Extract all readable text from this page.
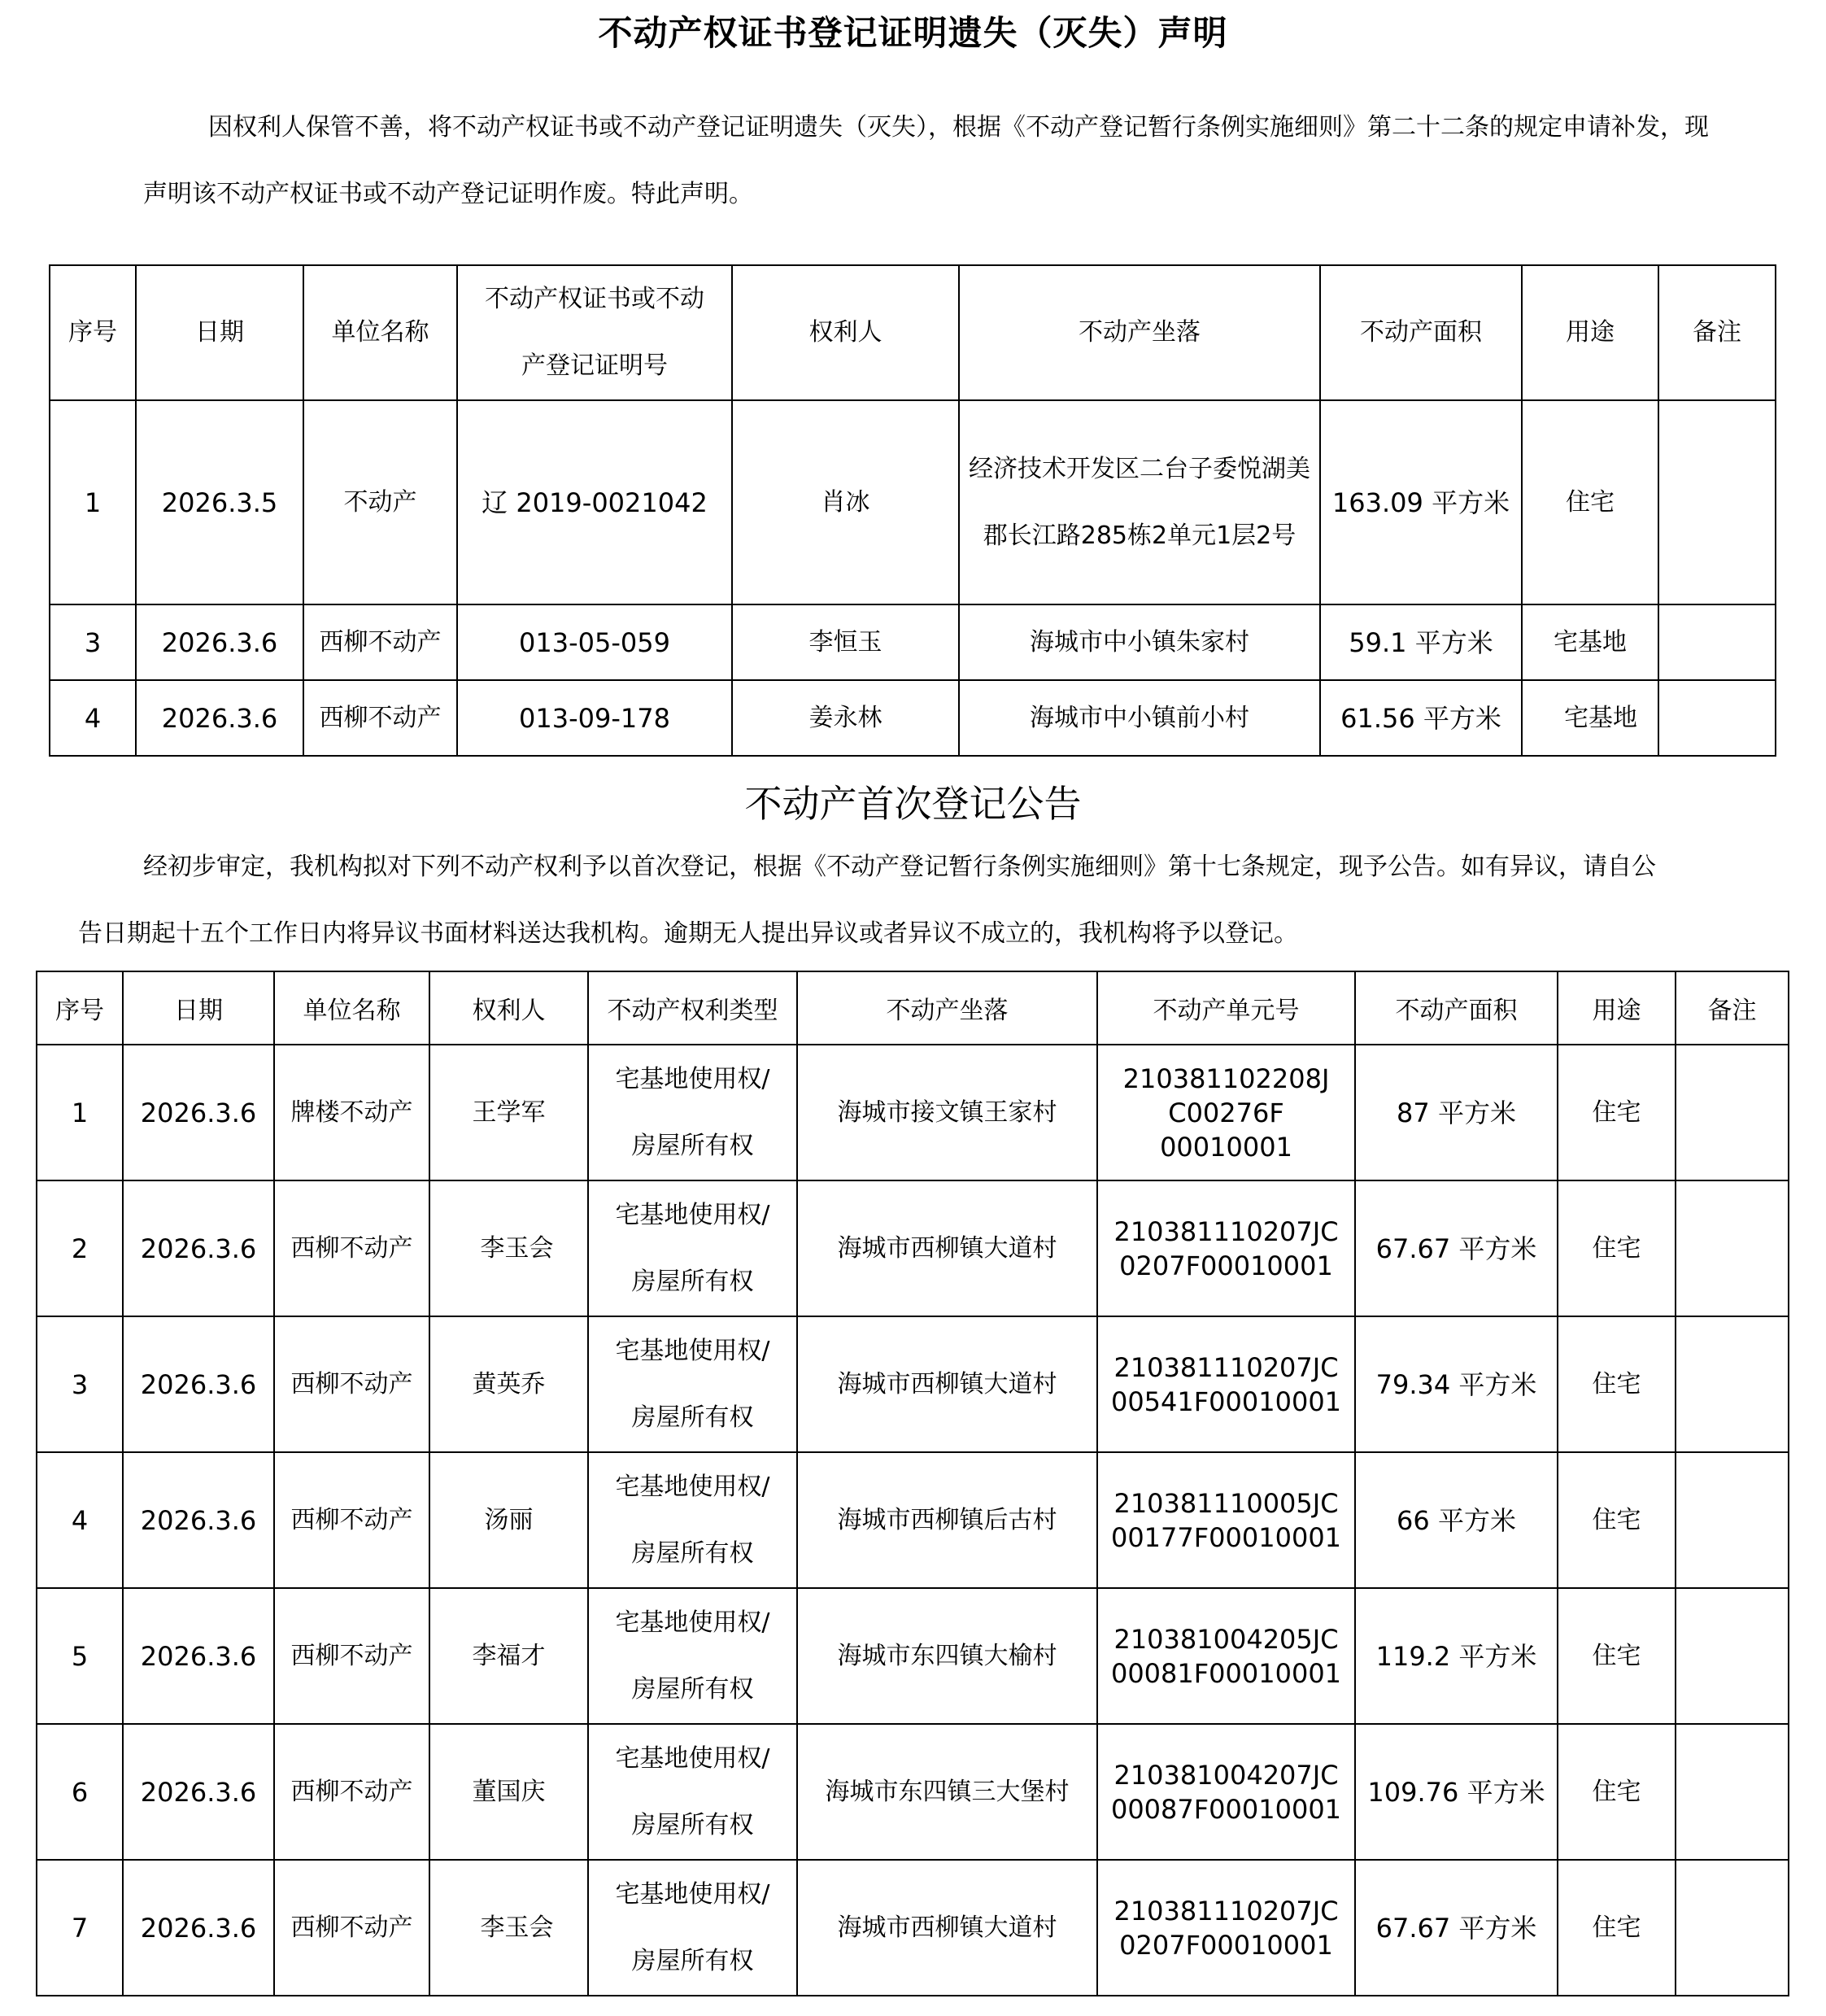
不动产权证书登记证明遗失（灭失）声明
因权利人保管不善，将不动产权证书或不动产登记证明遗失（灭失），根据《不动产登记暂行条例实施细则》第二十二条的规定申请补发，现
声明该不动产权证书或不动产登记证明作废。特此声明。
序号	日期	单位名称	不动产权证书或不动产登记证明号	权利人	不动产坐落	不动产面积	用途	备注
1	2026.3.5	不动产	辽 2019-0021042	肖冰	经济技术开发区二台子委悦湖美郡长江路285栋2单元1层2号	163.09 平方米	住宅	
3	2026.3.6	西柳不动产	013-05-059	李恒玉	海城市中小镇朱家村	59.1 平方米	宅基地	
4	2026.3.6	西柳不动产	013-09-178	姜永林	海城市中小镇前小村	61.56 平方米	宅基地	
不动产首次登记公告
经初步审定，我机构拟对下列不动产权利予以首次登记，根据《不动产登记暂行条例实施细则》第十七条规定，现予公告。如有异议，请自公
告日期起十五个工作日内将异议书面材料送达我机构。逾期无人提出异议或者异议不成立的，我机构将予以登记。
序号	日期	单位名称	权利人	不动产权利类型	不动产坐落	不动产单元号	不动产面积	用途	备注
1	2026.3.6	牌楼不动产	王学军	宅基地使用权/
房屋所有权	海城市接文镇王家村	210381102208J
C00276F
00010001	87 平方米	住宅	
2	2026.3.6	西柳不动产	李玉会	宅基地使用权/
房屋所有权	海城市西柳镇大道村	210381110207JC
0207F00010001	67.67 平方米	住宅	
3	2026.3.6	西柳不动产	黄英乔	宅基地使用权/
房屋所有权	海城市西柳镇大道村	210381110207JC
00541F00010001	79.34 平方米	住宅	
4	2026.3.6	西柳不动产	汤丽	宅基地使用权/
房屋所有权	海城市西柳镇后古村	210381110005JC
00177F00010001	66 平方米	住宅	
5	2026.3.6	西柳不动产	李福才	宅基地使用权/
房屋所有权	海城市东四镇大榆村	210381004205JC
00081F00010001	119.2 平方米	住宅	
6	2026.3.6	西柳不动产	董国庆	宅基地使用权/
房屋所有权	海城市东四镇三大堡村	210381004207JC
00087F00010001	109.76 平方米	住宅	
7	2026.3.6	西柳不动产	李玉会	宅基地使用权/
房屋所有权	海城市西柳镇大道村	210381110207JC
0207F00010001	67.67 平方米	住宅	
